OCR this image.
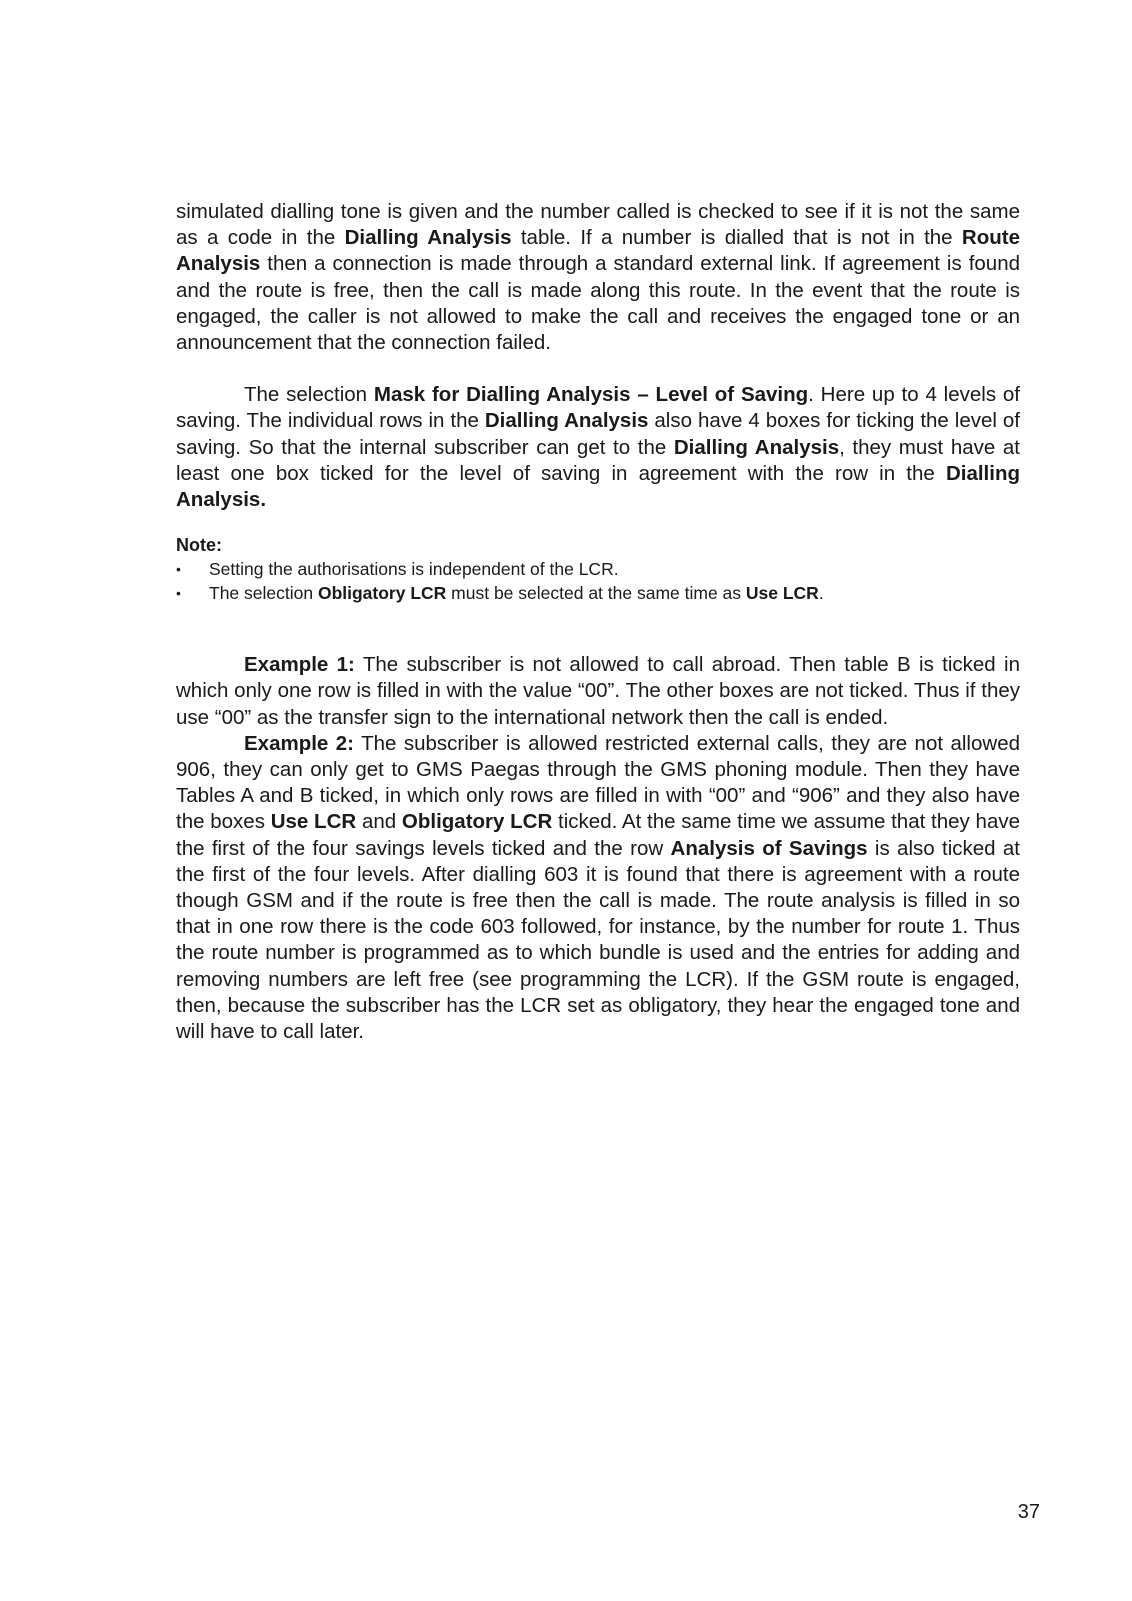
simulated dialling tone is given and the number called is checked to see if it is not the same as a code in the Dialling Analysis table. If a number is dialled that is not in the Route Analysis then a connection is made through a standard external link. If agreement is found and the route is free, then the call is made along this route. In the event that the route is engaged, the caller is not allowed to make the call and receives the engaged tone or an announcement that the connection failed.

The selection Mask for Dialling Analysis – Level of Saving. Here up to 4 levels of saving. The individual rows in the Dialling Analysis also have 4 boxes for ticking the level of saving. So that the internal subscriber can get to the Dialling Analysis, they must have at least one box ticked for the level of saving in agreement with the row in the Dialling Analysis.

Note:
• Setting the authorisations is independent of the LCR.
• The selection Obligatory LCR must be selected at the same time as Use LCR.

Example 1: The subscriber is not allowed to call abroad. Then table B is ticked in which only one row is filled in with the value “00”. The other boxes are not ticked. Thus if they use “00” as the transfer sign to the international network then the call is ended.

Example 2: The subscriber is allowed restricted external calls, they are not allowed 906, they can only get to GMS Paegas through the GMS phoning module. Then they have Tables A and B ticked, in which only rows are filled in with “00” and “906” and they also have the boxes Use LCR and Obligatory LCR ticked. At the same time we assume that they have the first of the four savings levels ticked and the row Analysis of Savings is also ticked at the first of the four levels. After dialling 603 it is found that there is agreement with a route though GSM and if the route is free then the call is made. The route analysis is filled in so that in one row there is the code 603 followed, for instance, by the number for route 1. Thus the route number is programmed as to which bundle is used and the entries for adding and removing numbers are left free (see programming the LCR). If the GSM route is engaged, then, because the subscriber has the LCR set as obligatory, they hear the engaged tone and will have to call later.

37
